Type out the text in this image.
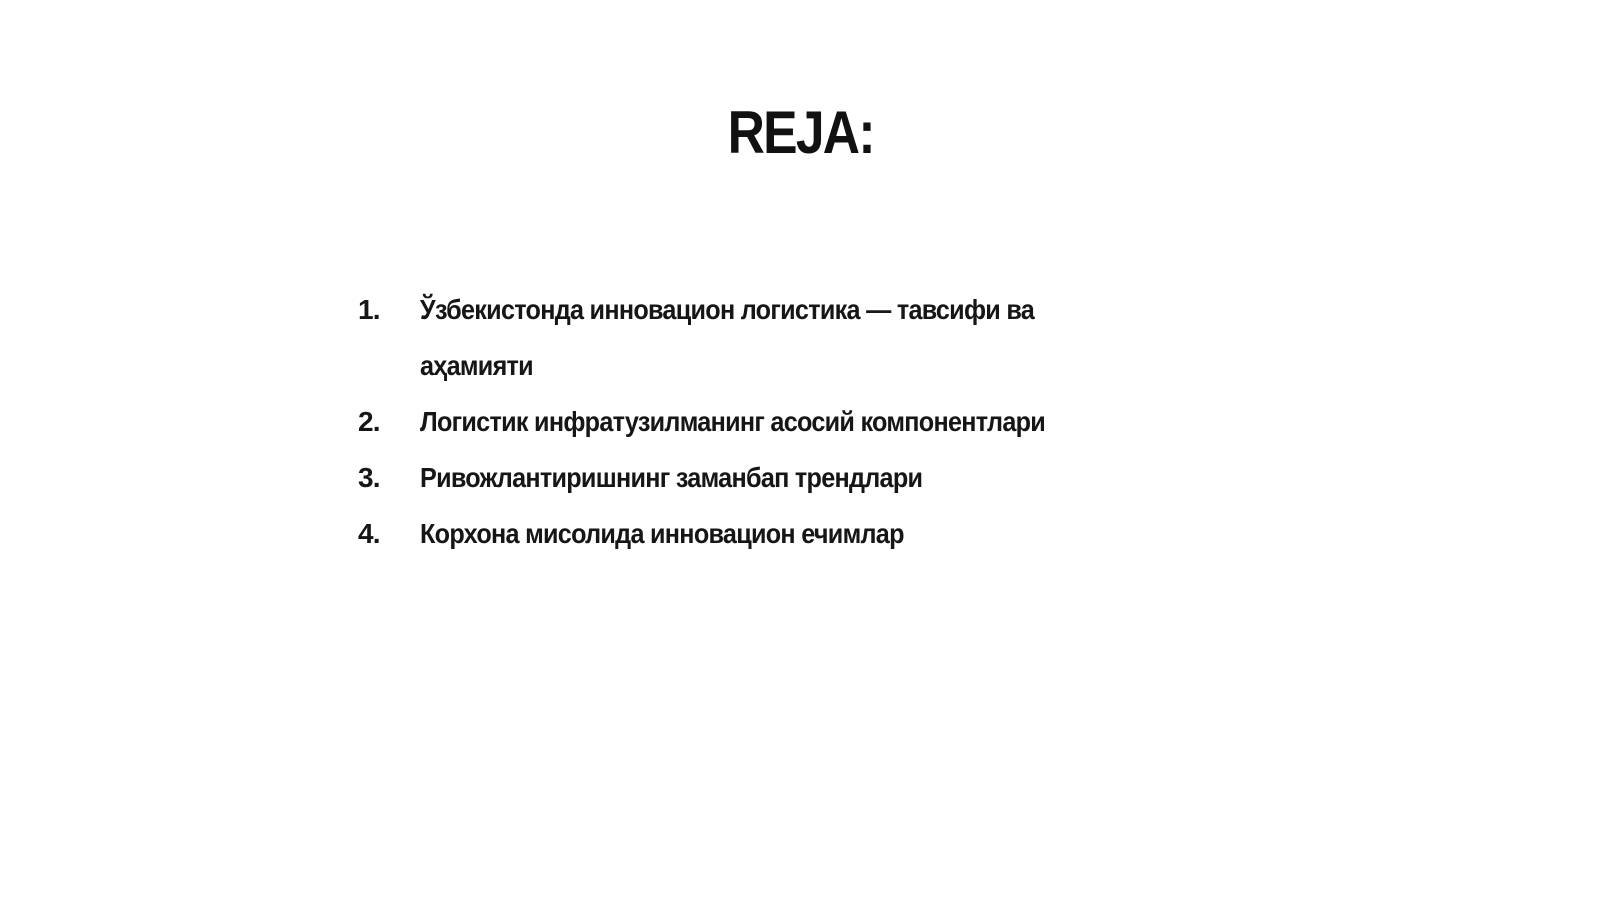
REJA:
1.	Ўзбекистонда инновацион логистика — тавсифи ва аҳамияти
2.	Логистик инфратузилманинг асосий компонентлари
3.	Ривожлантиришнинг заманбап трендлари
4.	Корхона мисолида инновацион ечимлар
